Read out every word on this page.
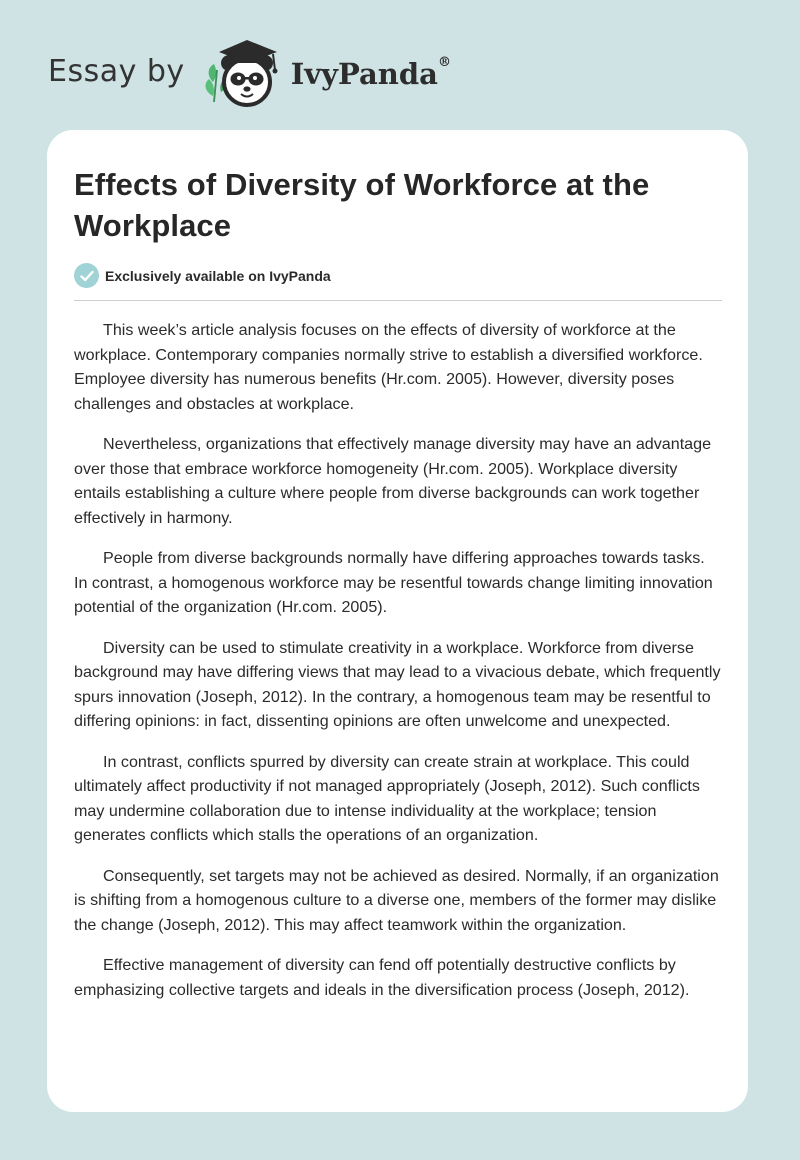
Essay by	IvyPanda®
Effects of Diversity of Workforce at the Workplace
Exclusively available on IvyPanda

This week’s article analysis focuses on the effects of diversity of workforce at the workplace. Contemporary companies normally strive to establish a diversified workforce. Employee diversity has numerous benefits (Hr.com. 2005). However, diversity poses challenges and obstacles at workplace.

Nevertheless, organizations that effectively manage diversity may have an advantage over those that embrace workforce homogeneity (Hr.com. 2005). Workplace diversity entails establishing a culture where people from diverse backgrounds can work together effectively in harmony.

People from diverse backgrounds normally have differing approaches towards tasks. In contrast, a homogenous workforce may be resentful towards change limiting innovation potential of the organization (Hr.com. 2005).

Diversity can be used to stimulate creativity in a workplace. Workforce from diverse background may have differing views that may lead to a vivacious debate, which frequently spurs innovation (Joseph, 2012). In the contrary, a homogenous team may be resentful to differing opinions: in fact, dissenting opinions are often unwelcome and unexpected.

In contrast, conflicts spurred by diversity can create strain at workplace. This could ultimately affect productivity if not managed appropriately (Joseph, 2012). Such conflicts may undermine collaboration due to intense individuality at the workplace; tension generates conflicts which stalls the operations of an organization.

Consequently, set targets may not be achieved as desired. Normally, if an organization is shifting from a homogenous culture to a diverse one, members of the former may dislike the change (Joseph, 2012). This may affect teamwork within the organization.

Effective management of diversity can fend off potentially destructive conflicts by emphasizing collective targets and ideals in the diversification process (Joseph, 2012).
